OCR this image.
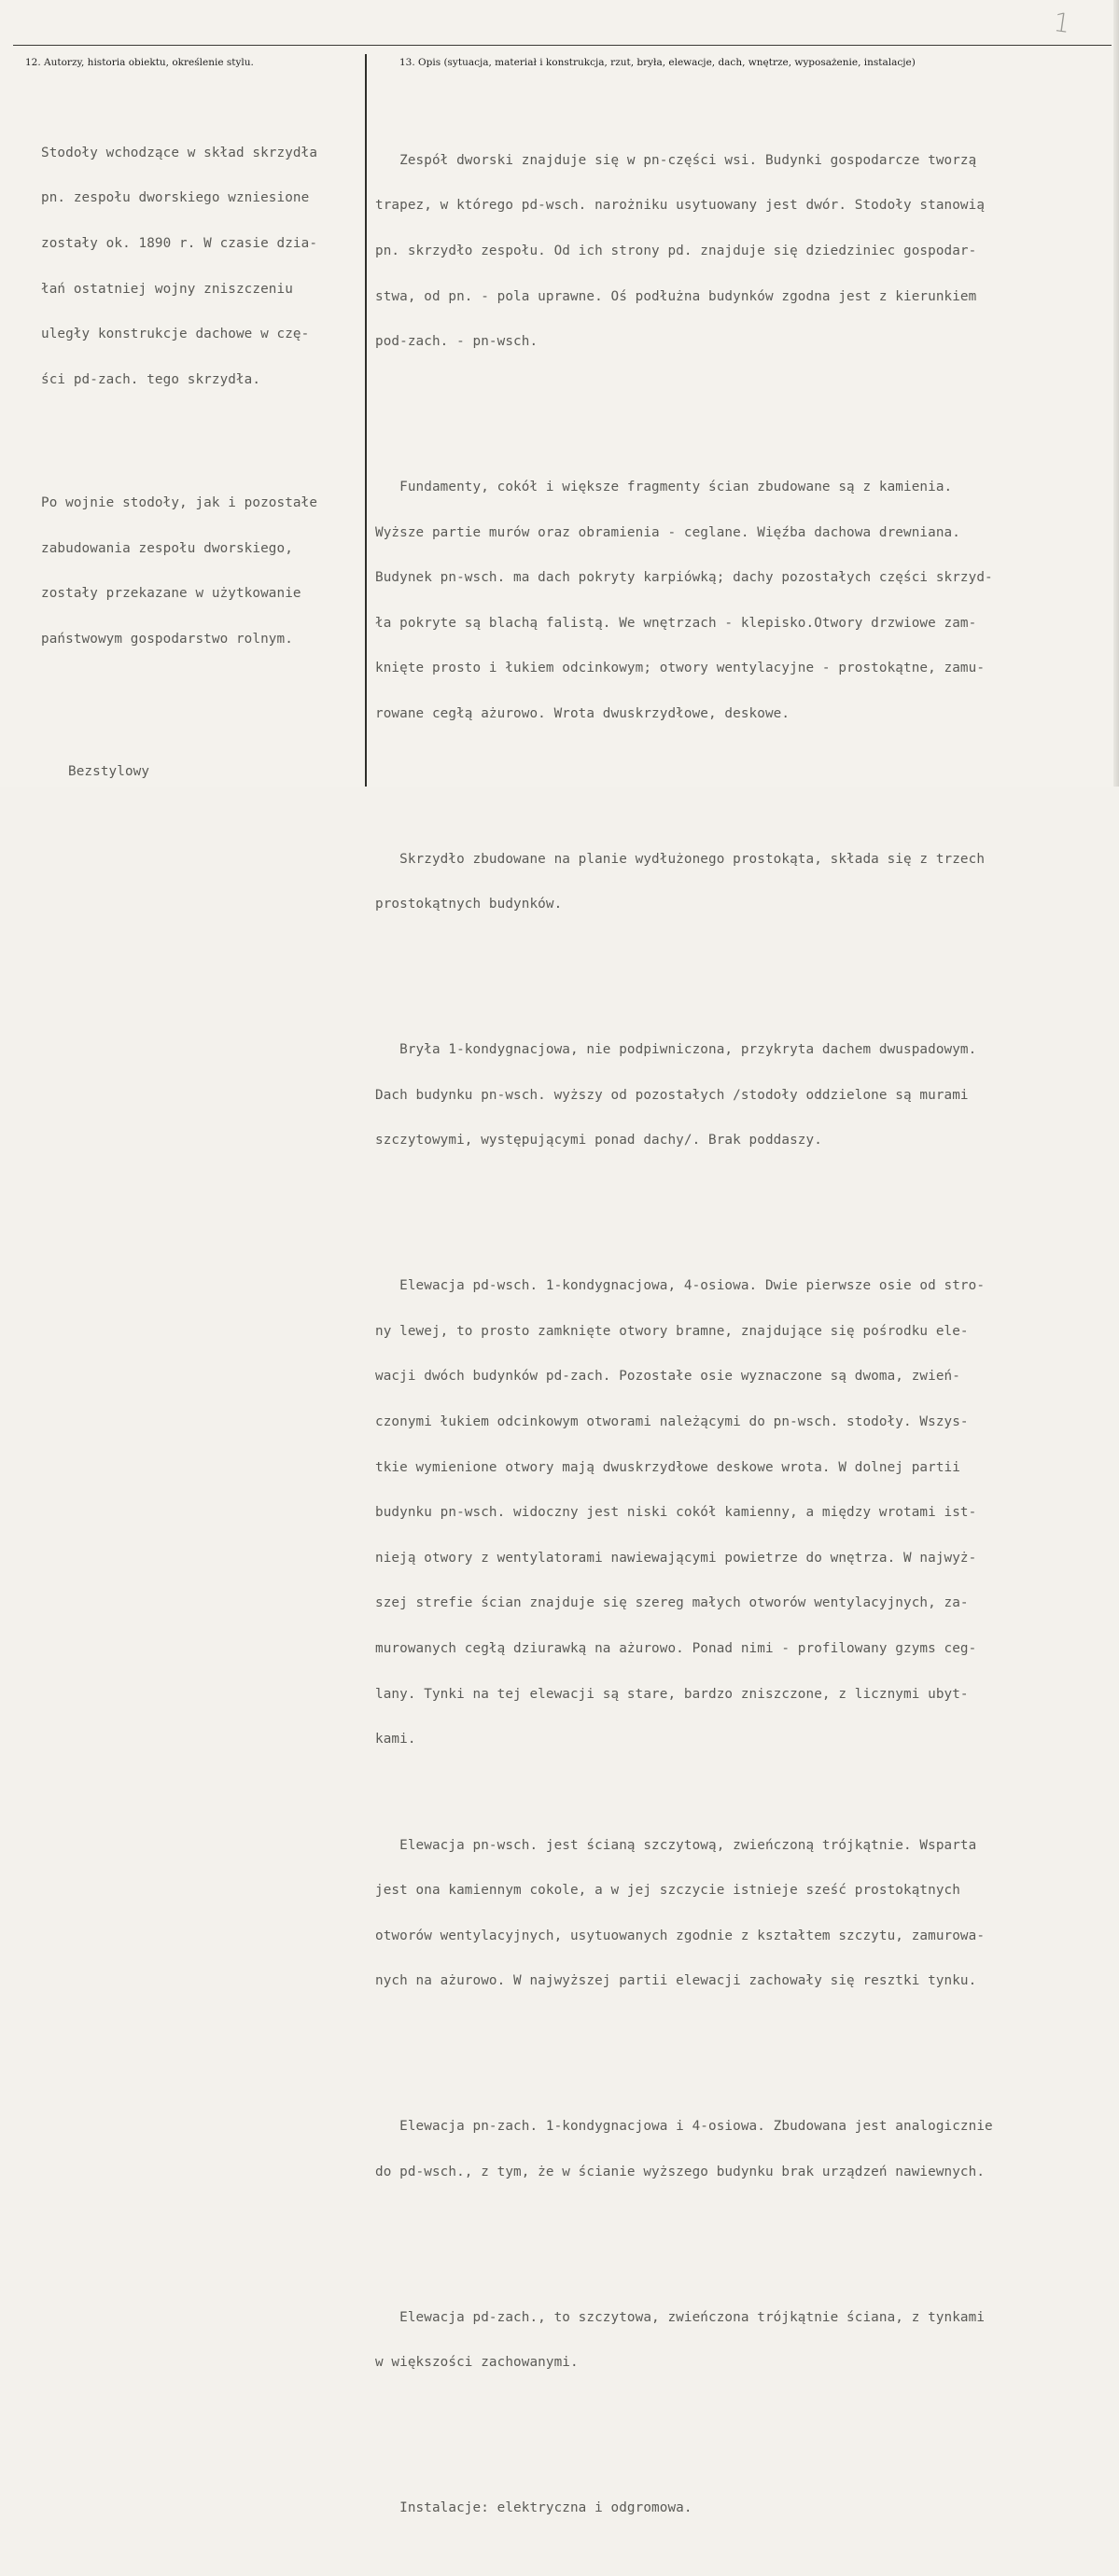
1
12. Autorzy, historia obiektu, określenie stylu.	13. Opis (sytuacja, materiał i konstrukcja, rzut, bryła, elewacje, dach, wnętrze, wyposażenie, instalacje)

Stodoły wchodzące w skład skrzydła

pn. zespołu dworskiego wzniesione

zostały ok. 1890 r. W czasie dzia-

łań ostatniej wojny zniszczeniu

uległy konstrukcje dachowe w czę-

ści pd-zach. tego skrzydła.

Po wojnie stodoły, jak i pozostałe

zabudowania zespołu dworskiego,

zostały przekazane w użytkowanie

państwowym gospodarstwo rolnym.

Bezstylowy

Zespół dworski znajduje się w pn-części wsi. Budynki gospodarcze tworzą

trapez, w którego pd-wsch. narożniku usytuowany jest dwór. Stodoły stanowią

pn. skrzydło zespołu. Od ich strony pd. znajduje się dziedziniec gospodar-

stwa, od pn. - pola uprawne. Oś podłużna budynków zgodna jest z kierunkiem

pod-zach. - pn-wsch.

Fundamenty, cokół i większe fragmenty ścian zbudowane są z kamienia.

Wyższe partie murów oraz obramienia - ceglane. Więźba dachowa drewniana.

Budynek pn-wsch. ma dach pokryty karpiówką; dachy pozostałych części skrzyd-

ła pokryte są blachą falistą. We wnętrzach - klepisko.Otwory drzwiowe zam-

knięte prosto i łukiem odcinkowym; otwory wentylacyjne - prostokątne, zamu-

rowane cegłą ażurowo. Wrota dwuskrzydłowe, deskowe.

Skrzydło zbudowane na planie wydłużonego prostokąta, składa się z trzech

prostokątnych budynków.

Bryła 1-kondygnacjowa, nie podpiwniczona, przykryta dachem dwuspadowym.

Dach budynku pn-wsch. wyższy od pozostałych /stodoły oddzielone są murami

szczytowymi, występującymi ponad dachy/. Brak poddaszy.

Elewacja pd-wsch. 1-kondygnacjowa, 4-osiowa. Dwie pierwsze osie od stro-

ny lewej, to prosto zamknięte otwory bramne, znajdujące się pośrodku ele-

wacji dwóch budynków pd-zach. Pozostałe osie wyznaczone są dwoma, zwień-

czonymi łukiem odcinkowym otworami należącymi do pn-wsch. stodoły. Wszys-

tkie wymienione otwory mają dwuskrzydłowe deskowe wrota. W dolnej partii

budynku pn-wsch. widoczny jest niski cokół kamienny, a między wrotami ist-

nieją otwory z wentylatorami nawiewającymi powietrze do wnętrza. W najwyż-

szej strefie ścian znajduje się szereg małych otworów wentylacyjnych, za-

murowanych cegłą dziurawką na ażurowo. Ponad nimi - profilowany gzyms ceg-

lany. Tynki na tej elewacji są stare, bardzo zniszczone, z licznymi ubyt-

kami.

Elewacja pn-wsch. jest ścianą szczytową, zwieńczoną trójkątnie. Wsparta

jest ona kamiennym cokole, a w jej szczycie istnieje sześć prostokątnych

otworów wentylacyjnych, usytuowanych zgodnie z kształtem szczytu, zamurowa-

nych na ażurowo. W najwyższej partii elewacji zachowały się resztki tynku.

Elewacja pn-zach. 1-kondygnacjowa i 4-osiowa. Zbudowana jest analogicznie

do pd-wsch., z tym, że w ścianie wyższego budynku brak urządzeń nawiewnych.

Elewacja pd-zach., to szczytowa, zwieńczona trójkątnie ściana, z tynkami

w większości zachowanymi.

Instalacje: elektryczna i odgromowa.
